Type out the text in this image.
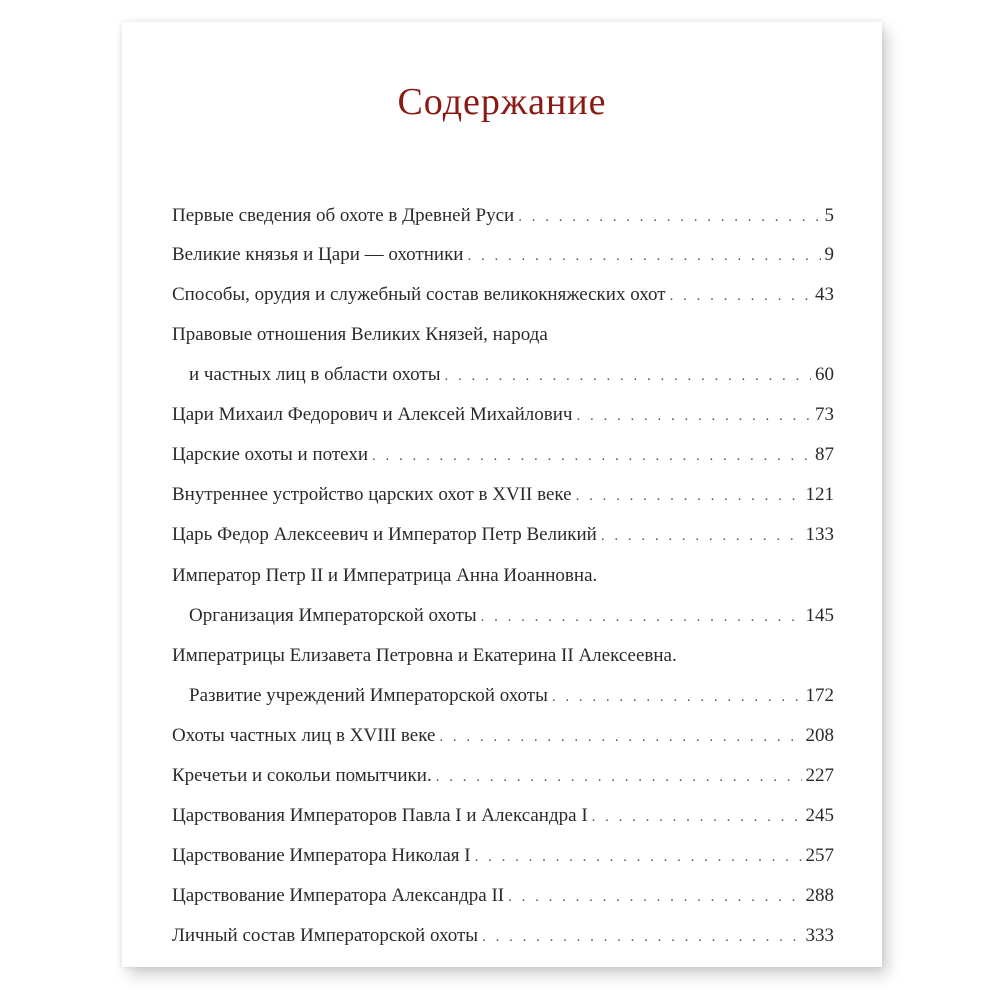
Содержание
Первые сведения об охоте в Древней Руси . . .	5
Великие князья и Цари — охотники . . .	9
Способы, орудия и служебный состав великокняжеских охот . . .	43
Правовые отношения Великих Князей, народа
и частных лиц в области охоты . . .	60
Цари Михаил Федорович и Алексей Михайлович . . .	73
Царские охоты и потехи . . .	87
Внутреннее устройство царских охот в XVII веке . . .	121
Царь Федор Алексеевич и Император Петр Великий . . .	133
Император Петр II и Императрица Анна Иоанновна.
Организация Императорской охоты . . .	145
Императрицы Елизавета Петровна и Екатерина II Алексеевна.
Развитие учреждений Императорской охоты . . .	172
Охоты частных лиц в XVIII веке . . .	208
Кречетьи и сокольи помытчики. . . .	227
Царствования Императоров Павла I и Александра I . . .	245
Царствование Императора Николая I . . .	257
Царствование Императора Александра II . . .	288
Личный состав Императорской охоты . . .	333
